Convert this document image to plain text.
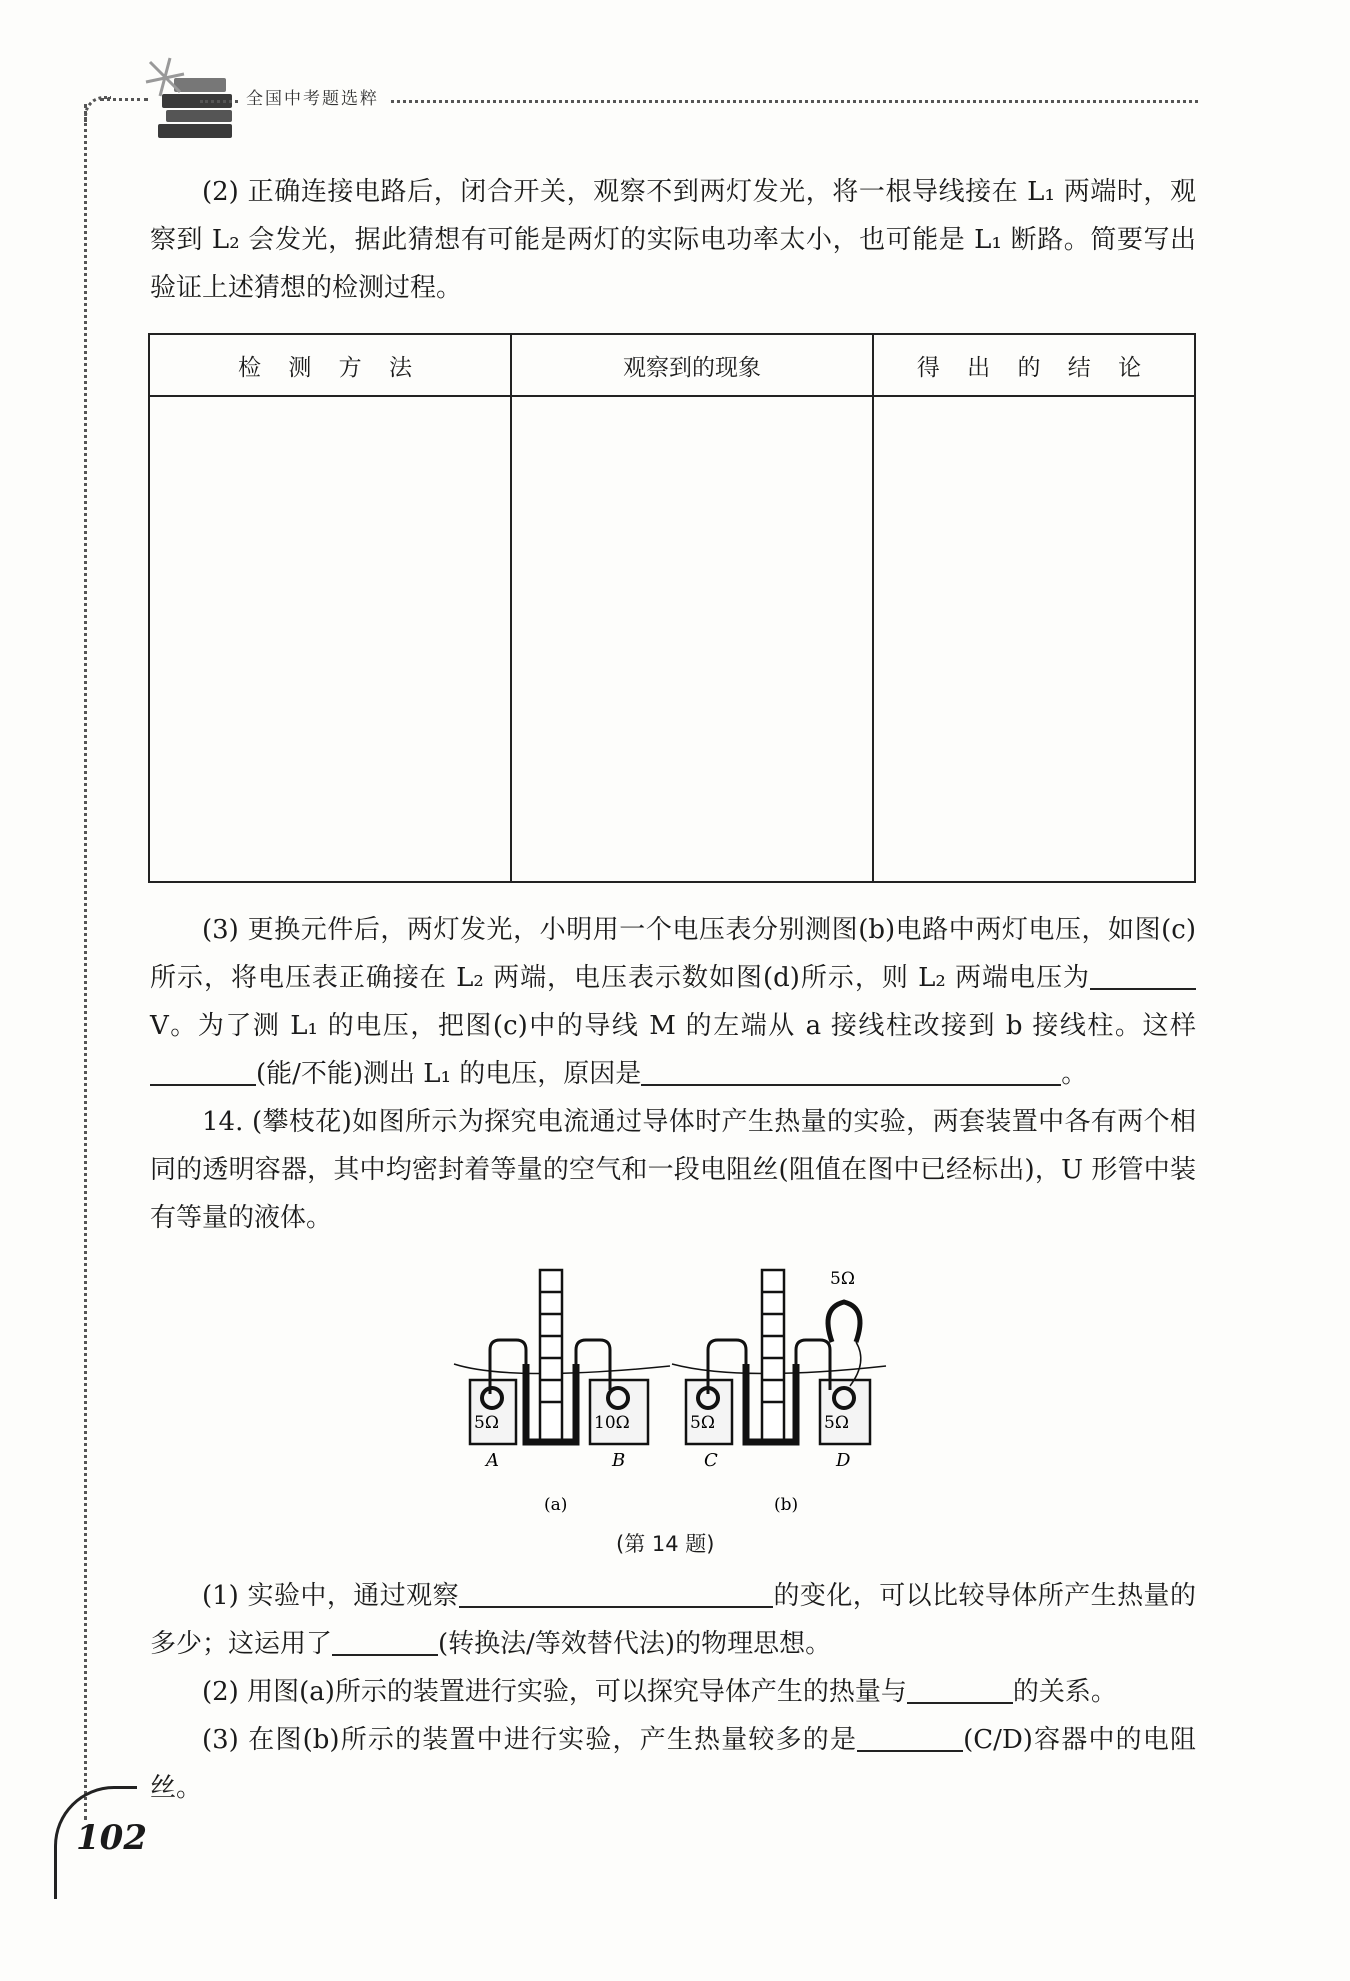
全国中考题选粹
(2) 正确连接电路后，闭合开关，观察不到两灯发光，将一根导线接在 L₁ 两端时，观察到 L₂ 会发光，据此猜想有可能是两灯的实际电功率太小，也可能是 L₁ 断路。简要写出验证上述猜想的检测过程。
检 测 方 法	观察到的现象	得 出 的 结 论

(3) 更换元件后，两灯发光，小明用一个电压表分别测图(b)电路中两灯电压，如图(c)所示，将电压表正确接在 L₂ 两端，电压表示数如图(d)所示，则 L₂ 两端电压为V。为了测 L₁ 的电压，把图(c)中的导线 M 的左端从 a 接线柱改接到 b 接线柱。这样(能/不能)测出 L₁ 的电压，原因是	。
14. (攀枝花)如图所示为探究电流通过导体时产生热量的实验，两套装置中各有两个相同的透明容器，其中均密封着等量的空气和一段电阻丝(阻值在图中已经标出)，U 形管中装有等量的液体。
5Ω	10Ω	5Ω	5Ω
5Ω
A	B	C	D
(a)	(b)
(第 14 题)
(1) 实验中，通过观察	的变化，可以比较导体所产生热量的多少；这运用了	(转换法/等效替代法)的物理思想。
(2) 用图(a)所示的装置进行实验，可以探究导体产生的热量与	的关系。
(3) 在图(b)所示的装置中进行实验，产生热量较多的是	(C/D)容器中的电阻丝。
102
